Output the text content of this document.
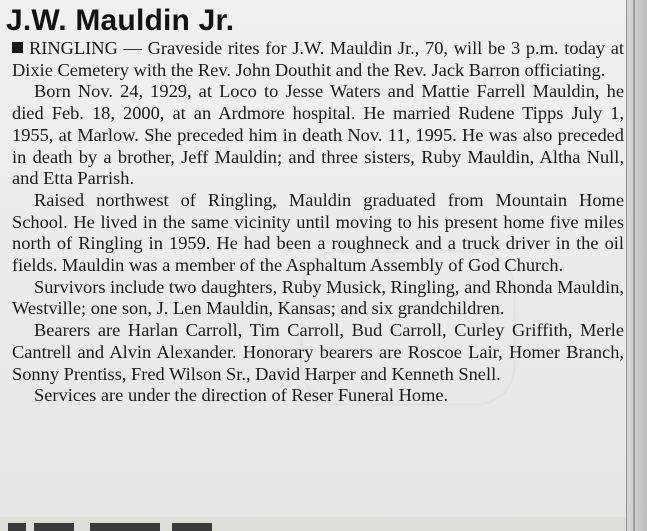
J.W. Mauldin Jr.

RINGLING — Graveside rites for J.W. Mauldin Jr., 70, will be 3 p.m. today at Dixie Cemetery with the Rev. John Douthit and the Rev. Jack Barron officiating.

Born Nov. 24, 1929, at Loco to Jesse Waters and Mattie Farrell Mauldin, he died Feb. 18, 2000, at an Ardmore hospital. He married Rudene Tipps July 1, 1955, at Marlow. She preceded him in death Nov. 11, 1995. He was also preceded in death by a brother, Jeff Mauldin; and three sisters, Ruby Mauldin, Altha Null, and Etta Parrish.

Raised northwest of Ringling, Mauldin graduated from Mountain Home School. He lived in the same vicinity until moving to his present home five miles north of Ringling in 1959. He had been a roughneck and a truck driver in the oil fields. Mauldin was a member of the Asphaltum Assembly of God Church.

Survivors include two daughters, Ruby Musick, Ringling, and Rhonda Mauldin, Westville; one son, J. Len Mauldin, Kansas; and six grandchildren.

Bearers are Harlan Carroll, Tim Carroll, Bud Carroll, Curley Griffith, Merle Cantrell and Alvin Alexander. Honorary bearers are Roscoe Lair, Homer Branch, Sonny Prentiss, Fred Wilson Sr., David Harper and Kenneth Snell.

Services are under the direction of Reser Funeral Home.
